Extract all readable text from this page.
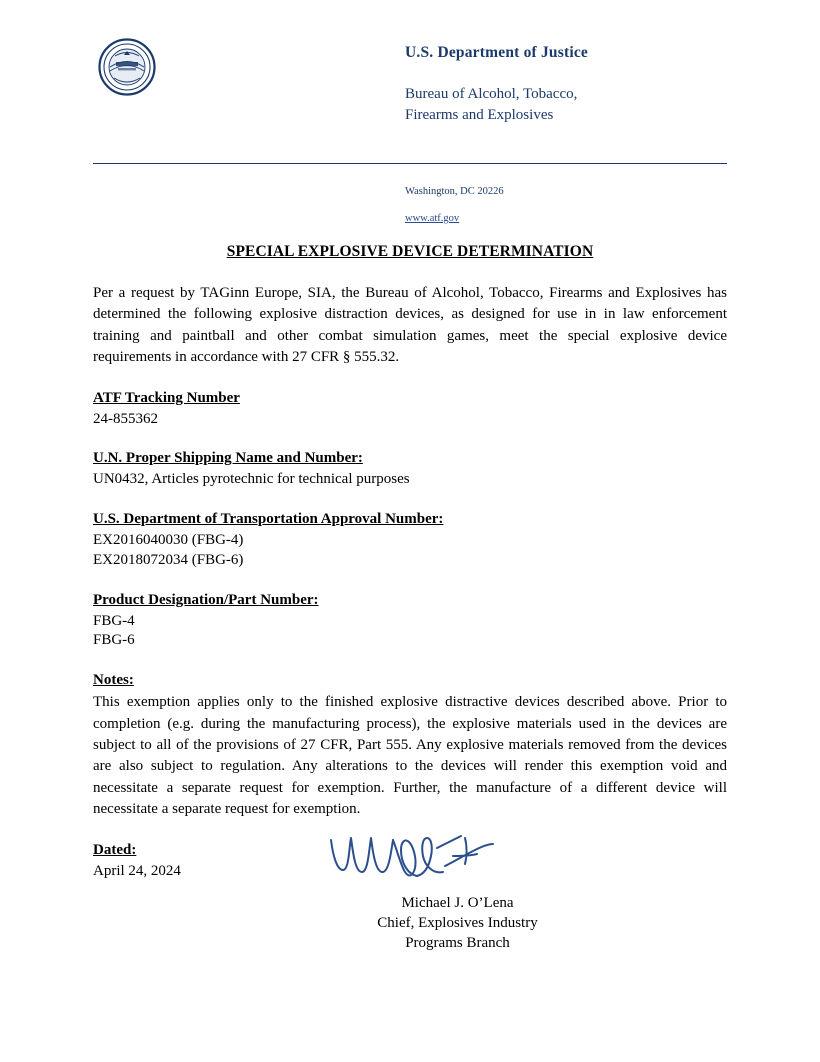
U.S. Department of Justice
Bureau of Alcohol, Tobacco,
Firearms and Explosives
Washington, DC 20226
www.atf.gov
SPECIAL EXPLOSIVE DEVICE DETERMINATION

Per a request by TAGinn Europe, SIA, the Bureau of Alcohol, Tobacco, Firearms and Explosives has determined the following explosive distraction devices, as designed for use in in law enforcement training and paintball and other combat simulation games, meet the special explosive device requirements in accordance with 27 CFR § 555.32.

ATF Tracking Number
24-855362
U.N. Proper Shipping Name and Number:
UN0432, Articles pyrotechnic for technical purposes
U.S. Department of Transportation Approval Number:
EX2016040030 (FBG-4)
EX2018072034 (FBG-6)
Product Designation/Part Number:
FBG-4
FBG-6
Notes:

This exemption applies only to the finished explosive distractive devices described above. Prior to completion (e.g. during the manufacturing process), the explosive materials used in the devices are subject to all of the provisions of 27 CFR, Part 555. Any explosive materials removed from the devices are also subject to regulation. Any alterations to the devices will render this exemption void and necessitate a separate request for exemption. Further, the manufacture of a different device will necessitate a separate request for exemption.

Dated:
April 24, 2024
Michael J. O’Lena
Chief, Explosives Industry
Programs Branch
